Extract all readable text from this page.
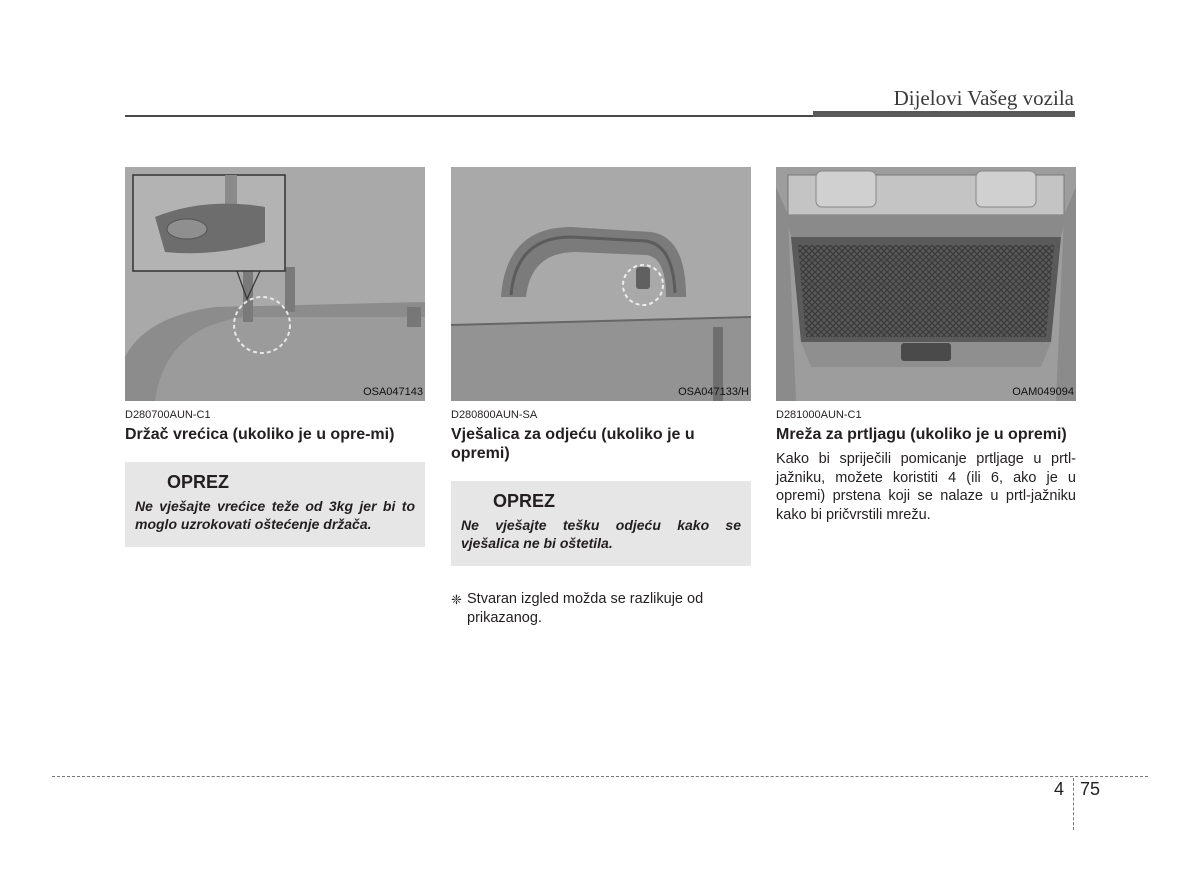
Dijelovi Vašeg vozila
OSA047143
D280700AUN-C1
Držač vrećica (ukoliko je u opre-mi)
OPREZ
Ne vješajte vrećice teže od 3kg jer bi to moglo uzrokovati oštećenje držača.
OSA047133/H
D280800AUN-SA
Vješalica za odjeću (ukoliko je u opremi)
OPREZ
Ne vješajte tešku odjeću kako se vješalica ne bi oštetila.
❈ Stvaran izgled možda se razlikuje od prikazanog.
OAM049094
D281000AUN-C1
Mreža za prtljagu (ukoliko je u opremi)
Kako bi spriječili pomicanje prtljage u prtl-jažniku, možete koristiti 4 (ili 6, ako je u opremi) prstena koji se nalaze u prtl-jažniku kako bi pričvrstili mrežu.
4 75
